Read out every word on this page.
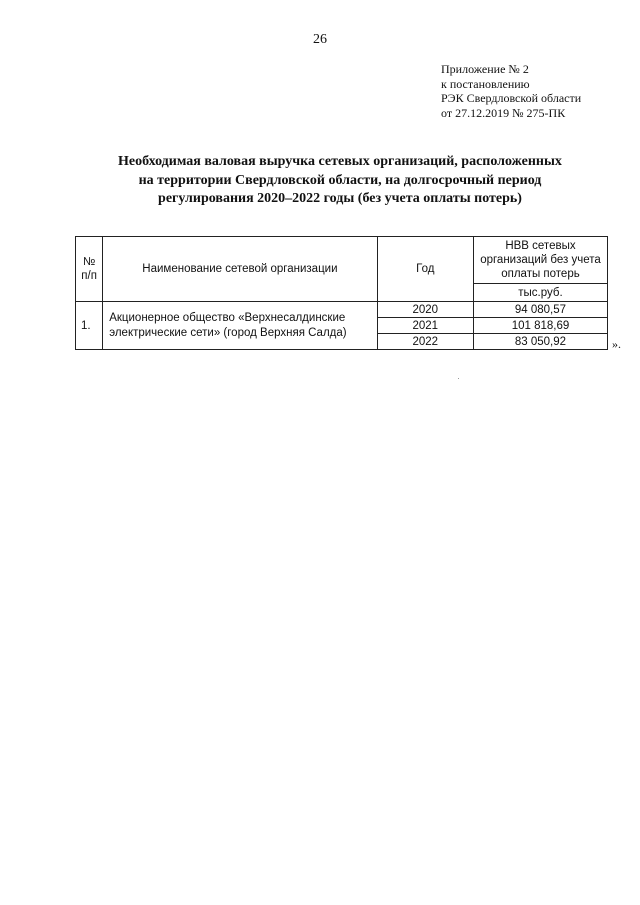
26
Приложение № 2
к постановлению
РЭК Свердловской области
от 27.12.2019 № 275-ПК
Необходимая валовая выручка сетевых организаций, расположенных
на территории Свердловской области, на долгосрочный период
регулирования 2020–2022 годы (без учета оплаты потерь)
№ п/п	Наименование сетевой организации	Год	НВВ сетевых организаций без учета оплаты потерь
			тыс.руб.
1.	Акционерное общество «Верхнесалдинские электрические сети» (город Верхняя Салда)	2020	94 080,57
		2021	101 818,69
		2022	83 050,92	».
